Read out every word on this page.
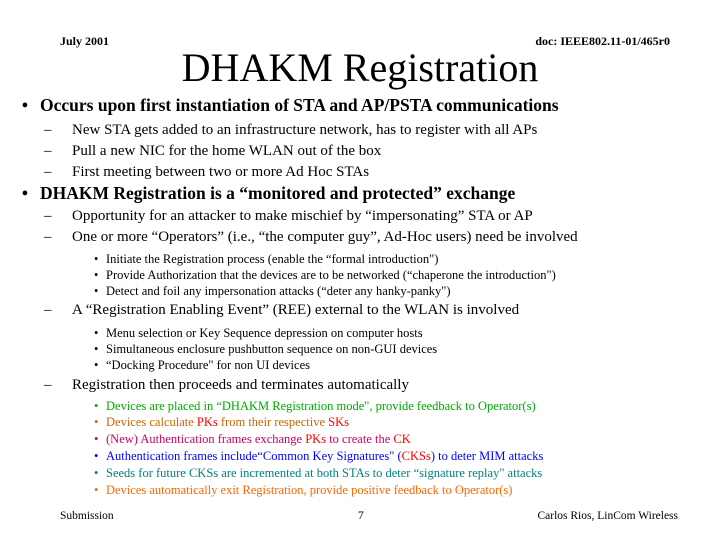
July 2001	doc: IEEE802.11-01/465r0
DHAKM Registration
• Occurs upon first instantiation of STA and AP/PSTA communications
– New STA gets added to an infrastructure network, has to register with all APs
– Pull a new NIC for the home WLAN out of the box
– First meeting between two or more Ad Hoc STAs
• DHAKM Registration is a “monitored and protected” exchange
– Opportunity for an attacker to make mischief by “impersonating” STA or AP
– One or more “Operators” (i.e., “the computer guy”, Ad-Hoc users) need be involved
• Initiate the Registration process (enable the “formal introduction")
• Provide Authorization that the devices are to be networked (“chaperone the introduction")
• Detect and foil any impersonation attacks (“deter any hanky-panky")
– A “Registration Enabling Event” (REE) external to the WLAN is involved
• Menu selection or Key Sequence depression on computer hosts
• Simultaneous enclosure pushbutton sequence on non-GUI devices
• “Docking Procedure" for non UI devices
– Registration then proceeds and terminates automatically
• Devices are placed in “DHAKM Registration mode", provide feedback to Operator(s)
• Devices calculate PKs from their respective SKs
• (New) Authentication frames exchange PKs to create the CK
• Authentication frames include“Common Key Signatures" (CKSs) to deter MIM attacks
• Seeds for future CKSs are incremented at both STAs to deter “signature replay" attacks
• Devices automatically exit Registration, provide positive feedback to Operator(s)
Submission	7	Carlos Rios, LinCom Wireless
